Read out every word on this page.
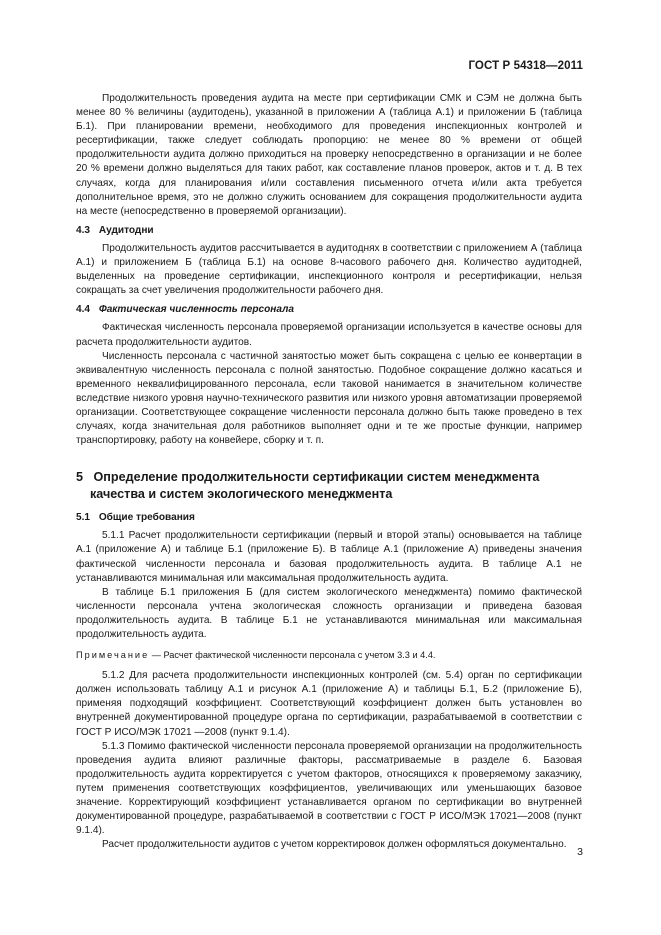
ГОСТ Р 54318—2011

Продолжительность проведения аудита на месте при сертификации СМК и СЭМ не должна быть менее 80 % величины (аудитодень), указанной в приложении А (таблица А.1) и приложении Б (таблица Б.1). При планировании времени, необходимого для проведения инспекционных контролей и ресертификации, также следует соблюдать пропорцию: не менее 80 % времени от общей продолжительности аудита должно приходиться на проверку непосредственно в организации и не более 20 % времени должно выделяться для таких работ, как составление планов проверок, актов и т. д. В тех случаях, когда для планирования и/или составления письменного отчета и/или акта требуется дополнительное время, это не должно служить основанием для сокращения продолжительности аудита на месте (непосредственно в проверяемой организации).

4.3 Аудитодни

Продолжительность аудитов рассчитывается в аудитоднях в соответствии с приложением А (таблица А.1) и приложением Б (таблица Б.1) на основе 8-часового рабочего дня. Количество аудитодней, выделенных на проведение сертификации, инспекционного контроля и ресертификации, нельзя сокращать за счет увеличения продолжительности рабочего дня.

4.4 Фактическая численность персонала

Фактическая численность персонала проверяемой организации используется в качестве основы для расчета продолжительности аудитов.

Численность персонала с частичной занятостью может быть сокращена с целью ее конвертации в эквивалентную численность персонала с полной занятостью. Подобное сокращение должно касаться и временного неквалифицированного персонала, если таковой нанимается в значительном количестве вследствие низкого уровня научно-технического развития или низкого уровня автоматизации проверяемой организации. Соответствующее сокращение численности персонала должно быть также проведено в тех случаях, когда значительная доля работников выполняет одни и те же простые функции, например транспортировку, работу на конвейере, сборку и т. п.

5 Определение продолжительности сертификации систем менеджмента
качества и систем экологического менеджмента
5.1 Общие требования

5.1.1 Расчет продолжительности сертификации (первый и второй этапы) основывается на таблице А.1 (приложение А) и таблице Б.1 (приложение Б). В таблице А.1 (приложение А) приведены значения фактической численности персонала и базовая продолжительность аудита. В таблице А.1 не устанавливаются минимальная или максимальная продолжительность аудита.

В таблице Б.1 приложения Б (для систем экологического менеджмента) помимо фактической численности персонала учтена экологическая сложность организации и приведена базовая продолжительность аудита. В таблице Б.1 не устанавливаются минимальная или максимальная продолжительность аудита.

Примечание — Расчет фактической численности персонала с учетом 3.3 и 4.4.

5.1.2 Для расчета продолжительности инспекционных контролей (см. 5.4) орган по сертификации должен использовать таблицу А.1 и рисунок А.1 (приложение А) и таблицы Б.1, Б.2 (приложение Б), применяя подходящий коэффициент. Соответствующий коэффициент должен быть установлен во внутренней документированной процедуре органа по сертификации, разрабатываемой в соответствии с ГОСТ Р ИСО/МЭК 17021 —2008 (пункт 9.1.4).

5.1.3 Помимо фактической численности персонала проверяемой организации на продолжительность проведения аудита влияют различные факторы, рассматриваемые в разделе 6. Базовая продолжительность аудита корректируется с учетом факторов, относящихся к проверяемому заказчику, путем применения соответствующих коэффициентов, увеличивающих или уменьшающих базовое значение. Корректирующий коэффициент устанавливается органом по сертификации во внутренней документированной процедуре, разрабатываемой в соответствии с ГОСТ Р ИСО/МЭК 17021—2008 (пункт 9.1.4).

Расчет продолжительности аудитов с учетом корректировок должен оформляться документально.

3
